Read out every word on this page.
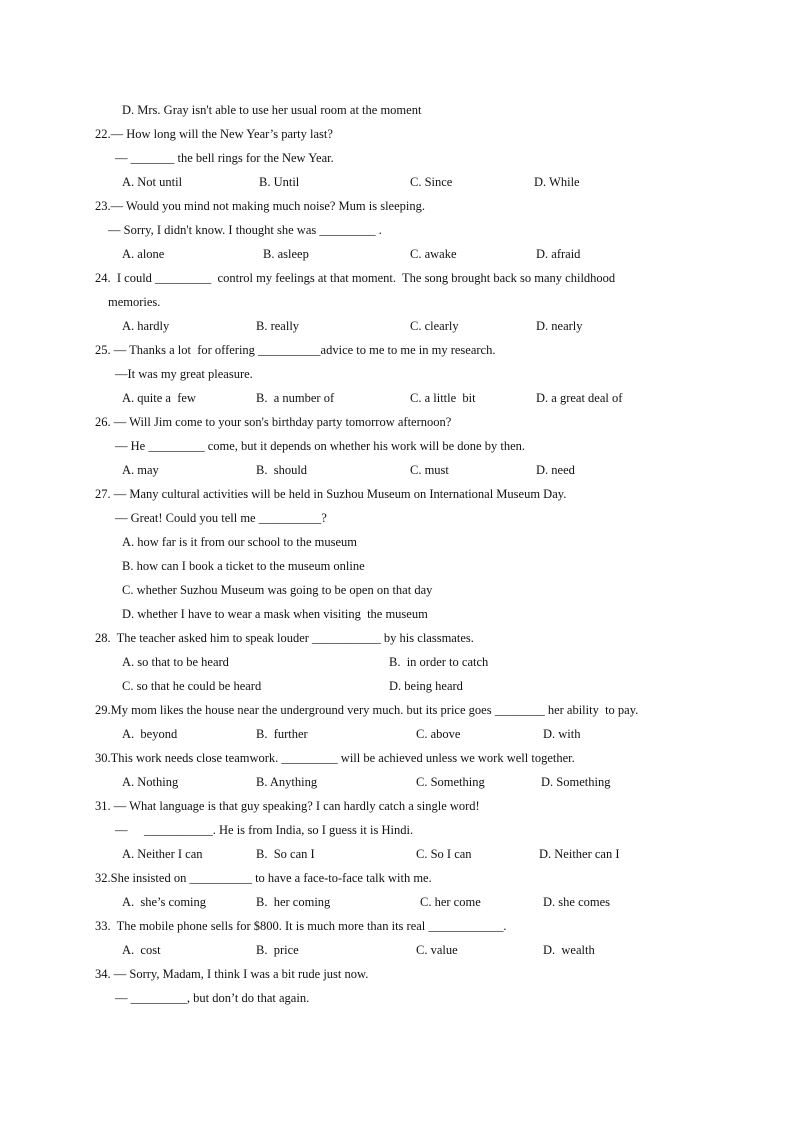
D. Mrs. Gray isn't able to use her usual room at the moment
22.— How long will the New Year’s party last?
— _______ the bell rings for the New Year.
A. Not until	B. Until	C. Since	D. While
23.— Would you mind not making much noise? Mum is sleeping.
— Sorry, I didn't know. I thought she was _________ .
A. alone	B. asleep	C. awake	D. afraid
24.  I could _________  control my feelings at that moment.  The song brought back so many childhood
memories.
A. hardly	B. really	C. clearly	D. nearly
25. — Thanks a lot  for offering __________advice to me to me in my research.
—It was my great pleasure.
A. quite a  few	B.  a number of	C. a little  bit	D. a great deal of
26. — Will Jim come to your son's birthday party tomorrow afternoon?
— He _________ come, but it depends on whether his work will be done by then.
A. may	B.  should	C. must	D. need
27. — Many cultural activities will be held in Suzhou Museum on International Museum Day.
— Great! Could you tell me __________?
A. how far is it from our school to the museum
B. how can I book a ticket to the museum online
C. whether Suzhou Museum was going to be open on that day
D. whether I have to wear a mask when visiting  the museum
28.  The teacher asked him to speak louder ___________ by his classmates.
A. so that to be heard	B.  in order to catch
C. so that he could be heard	D. being heard
29.My mom likes the house near the underground very much. but its price goes ________ her ability  to pay.
A.  beyond	B.  further	C. above	D. with
30.This work needs close teamwork. _________ will be achieved unless we work well together.
A. Nothing	B. Anything	C. Something	D. Something
31. — What language is that guy speaking? I can hardly catch a single word!
— ___________. He is from India, so I guess it is Hindi.
A. Neither I can	B.  So can I	C. So I can	D. Neither can I
32.She insisted on __________ to have a face-to-face talk with me.
A.  she’s coming	B.  her coming	C. her come	D. she comes
33.  The mobile phone sells for $800. It is much more than its real ____________.
A.  cost	B.  price	C. value	D.  wealth
34. — Sorry, Madam, I think I was a bit rude just now.
— _________, but don’t do that again.
